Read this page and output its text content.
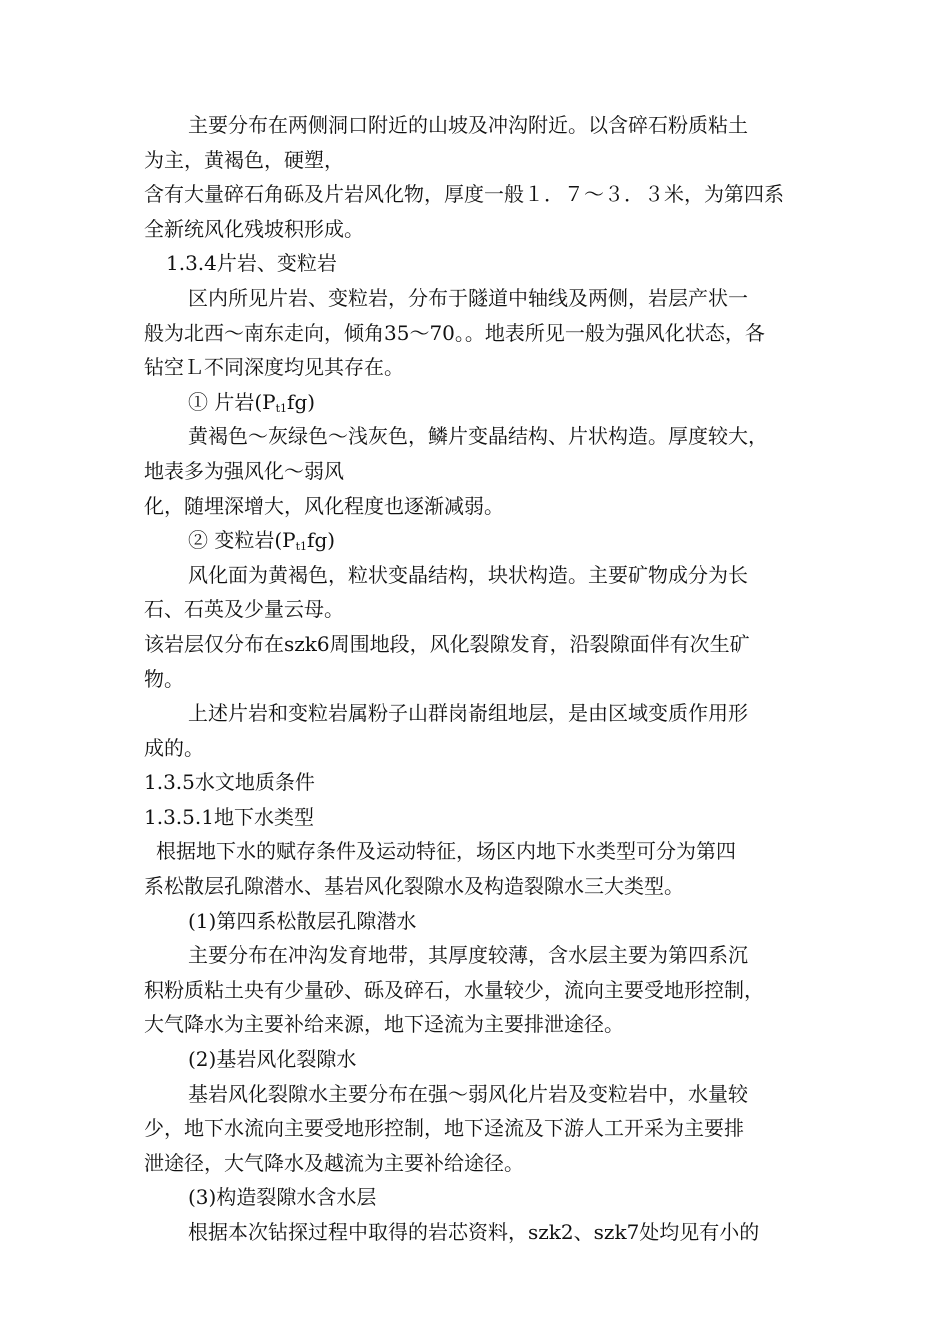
主要分布在两侧洞口附近的山坡及冲沟附近。以含碎石粉质粘土
为主，黄褐色，硬塑，
含有大量碎石角砾及片岩风化物，厚度一般１．７～３．３米，为第四系
全新统风化残坡积形成。
1.3.4片岩、变粒岩
区内所见片岩、变粒岩，分布于隧道中轴线及两侧，岩层产状一
般为北西～南东走向，倾角35～70。。地表所见一般为强风化状态，各
钻空Ｌ不同深度均见其存在。
① 片岩$(P_{t1}fg)$
黄褐色～灰绿色～浅灰色，鳞片变晶结构、片状构造。厚度较大，
地表多为强风化～弱风
化，随埋深增大，风化程度也逐渐减弱。
② 变粒岩$(P_{t1}fg)$
风化面为黄褐色，粒状变晶结构，块状构造。主要矿物成分为长
石、石英及少量云母。
该岩层仅分布在szk6周围地段，风化裂隙发育，沿裂隙面伴有次生矿
物。
上述片岩和变粒岩属粉子山群岗嵛组地层，是由区域变质作用形
成的。
1.3.5水文地质条件
1.3.5.1地下水类型
根据地下水的赋存条件及运动特征，场区内地下水类型可分为第四
系松散层孔隙潜水、基岩风化裂隙水及构造裂隙水三大类型。
(1)第四系松散层孔隙潜水
主要分布在冲沟发育地带，其厚度较薄，含水层主要为第四系沉
积粉质粘土央有少量砂、砾及碎石，水量较少，流向主要受地形控制，
大气降水为主要补给来源，地下迳流为主要排泄途径。
(2)基岩风化裂隙水
基岩风化裂隙水主要分布在强～弱风化片岩及变粒岩中，水量较
少，地下水流向主要受地形控制，地下迳流及下游人工开采为主要排
泄途径，大气降水及越流为主要补给途径。
(3)构造裂隙水含水层
根据本次钻探过程中取得的岩芯资料，szk2、szk7处均见有小的
